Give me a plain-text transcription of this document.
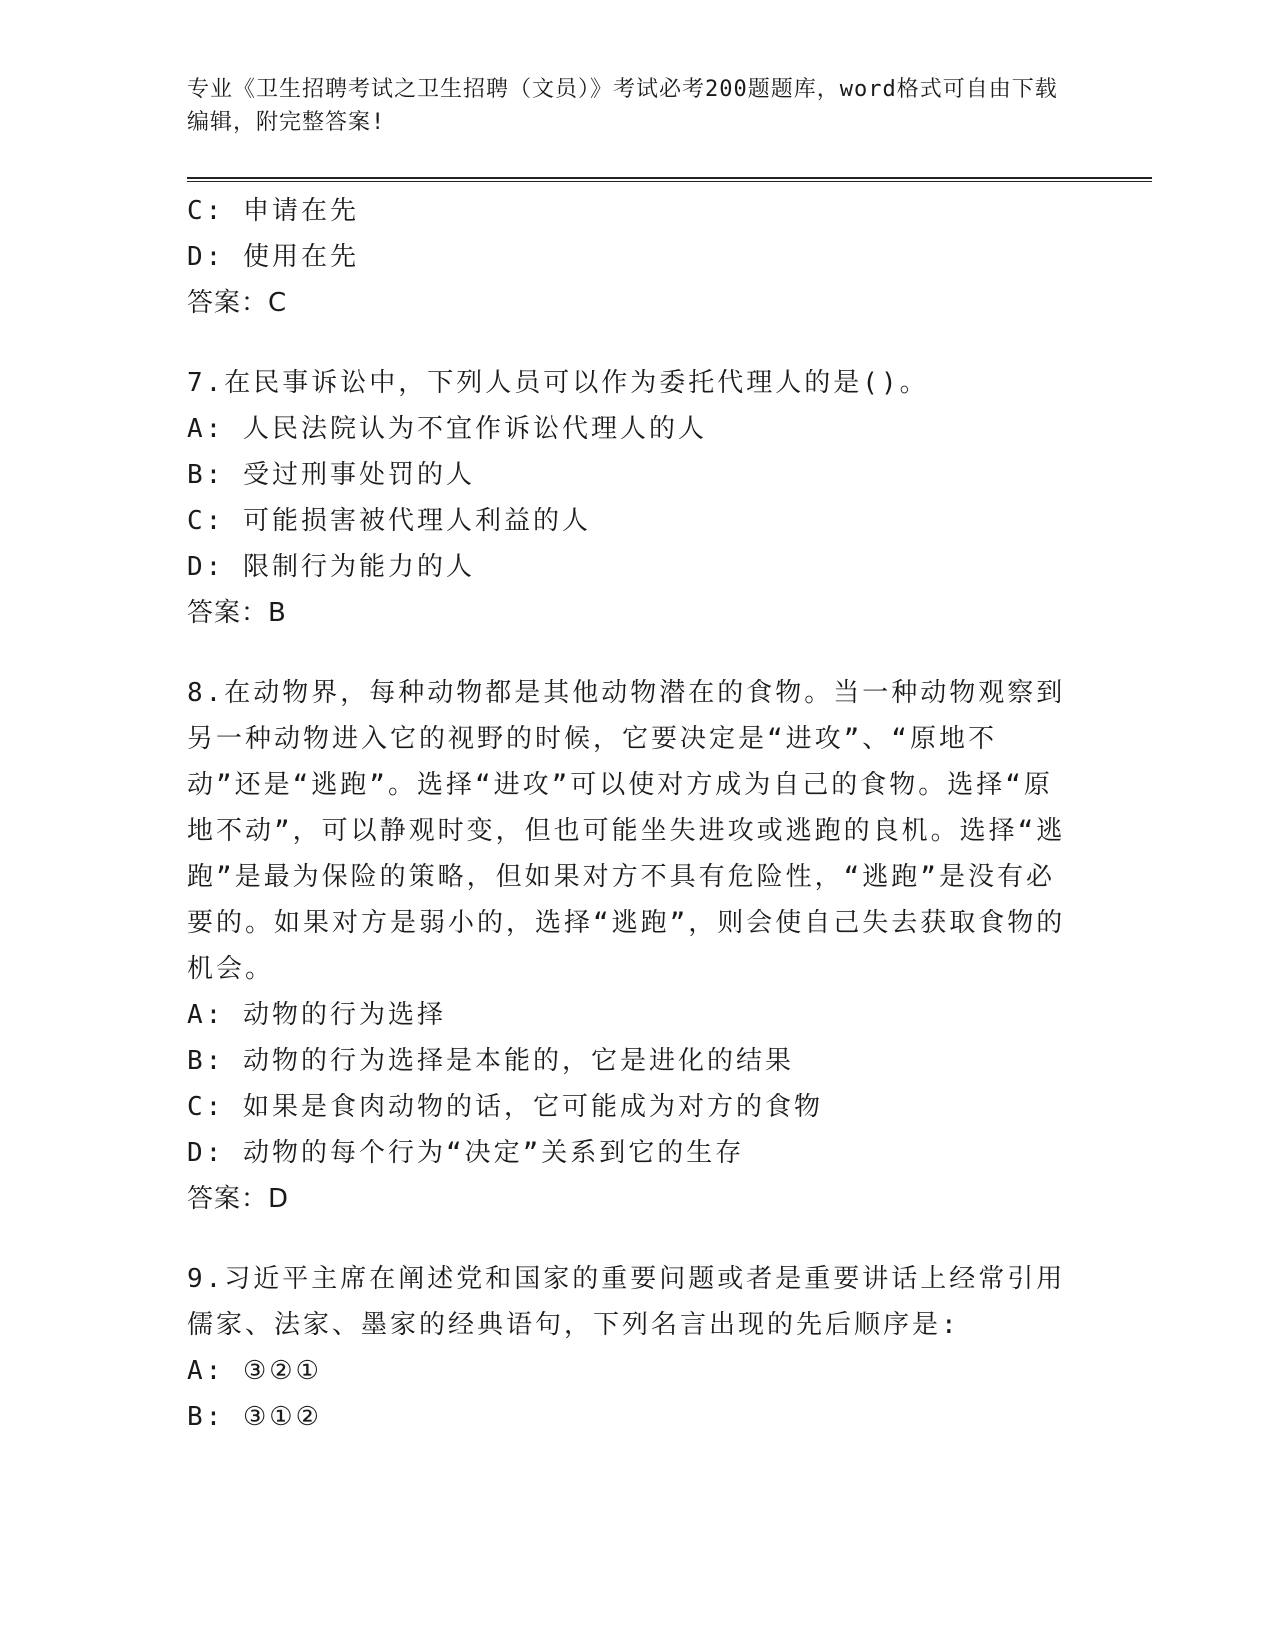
专业《卫生招聘考试之卫生招聘（文员）》考试必考200题题库，word格式可自由下载编辑，附完整答案!

C: 申请在先

D: 使用在先

答案：C

7.在民事诉讼中，下列人员可以作为委托代理人的是()。

A: 人民法院认为不宜作诉讼代理人的人

B: 受过刑事处罚的人

C: 可能损害被代理人利益的人

D: 限制行为能力的人

答案：B

8.在动物界，每种动物都是其他动物潜在的食物。当一种动物观察到另一种动物进入它的视野的时候，它要决定是“进攻”、“原地不动”还是“逃跑”。选择“进攻”可以使对方成为自己的食物。选择“原地不动”，可以静观时变，但也可能坐失进攻或逃跑的良机。选择“逃跑”是最为保险的策略，但如果对方不具有危险性，“逃跑”是没有必要的。如果对方是弱小的，选择“逃跑”，则会使自己失去获取食物的机会。

A: 动物的行为选择

B: 动物的行为选择是本能的，它是进化的结果

C: 如果是食肉动物的话，它可能成为对方的食物

D: 动物的每个行为“决定”关系到它的生存

答案：D

9.习近平主席在阐述党和国家的重要问题或者是重要讲话上经常引用儒家、法家、墨家的经典语句，下列名言出现的先后顺序是:

A: ③②①

B: ③①②
